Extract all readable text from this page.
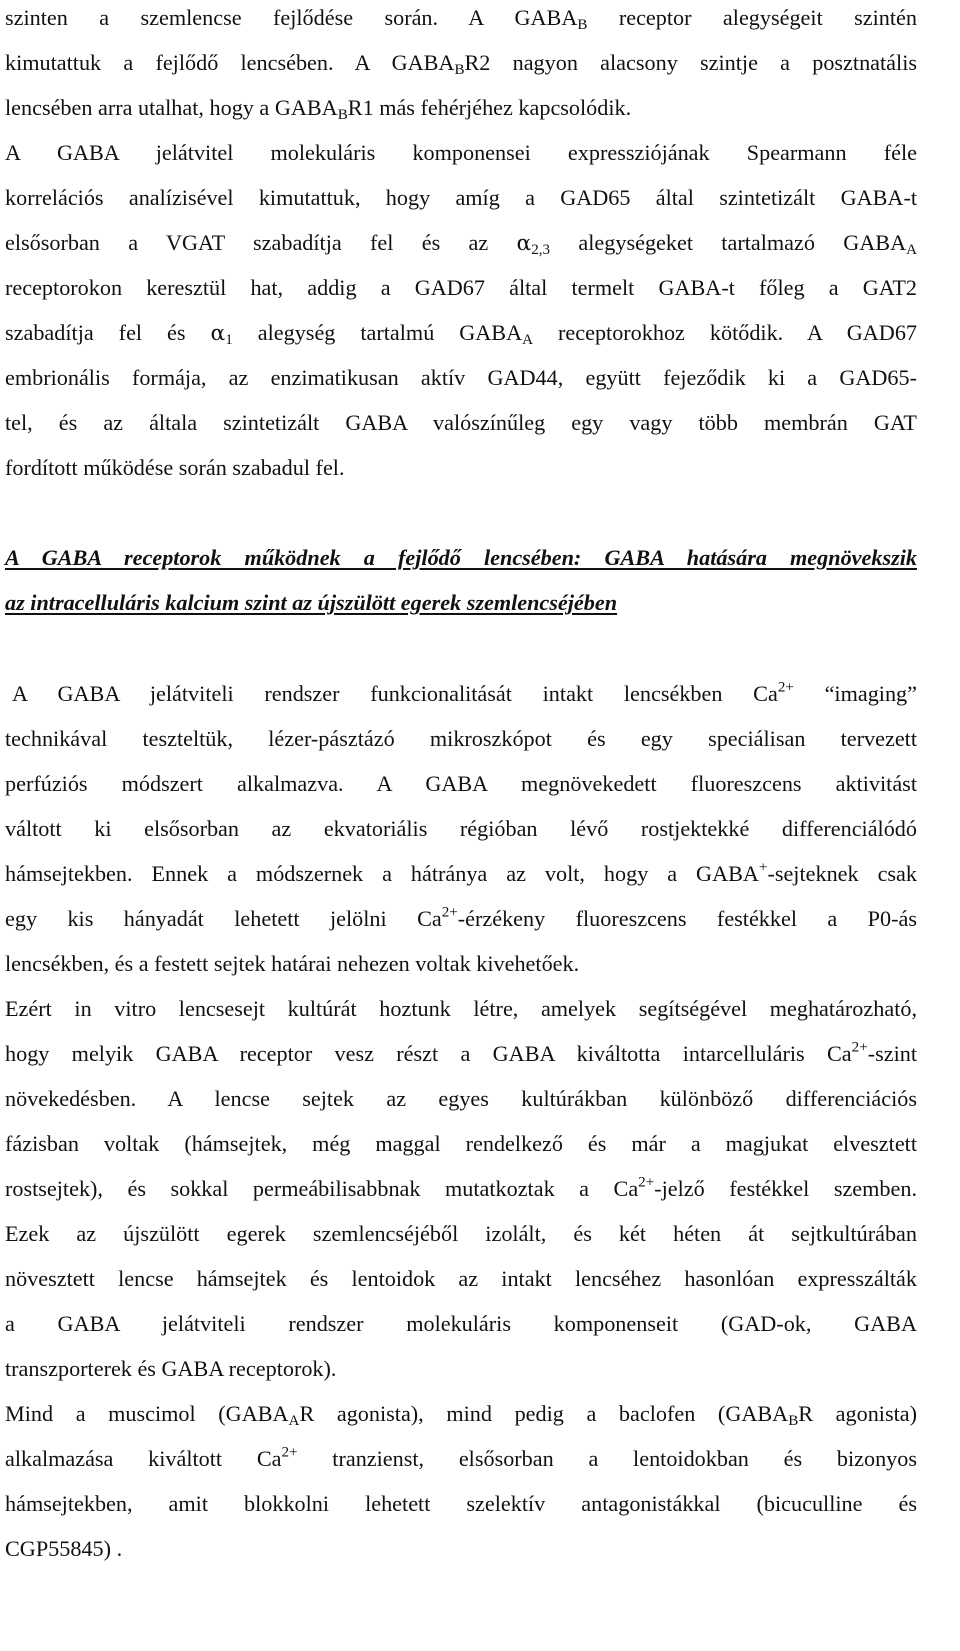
szinten a szemlencse fejlődése során. A $GABA_B$ receptor alegységeit szintén
kimutattuk a fejlődő lencsében. A $GABA_BR2$ nagyon alacsony szintje a posztnatális
lencsében arra utalhat, hogy a $GABA_BR1$ más fehérjéhez kapcsolódik.
A GABA jelátvitel molekuláris komponensei expressziójának Spearmann féle
korrelációs analízisével kimutattuk, hogy amíg a GAD65 által szintetizált GABA-t
elsősorban a VGAT szabadítja fel és az $\alpha_{2,3}$ alegységeket tartalmazó $GABA_A$
receptorokon keresztül hat, addig a GAD67 által termelt GABA-t főleg a GAT2
szabadítja fel és $\alpha_1$ alegység tartalmú $GABA_A$ receptorokhoz kötődik. A GAD67
embrionális formája, az enzimatikusan aktív GAD44, együtt fejeződik ki a GAD65-
tel, és az általa szintetizált GABA valószínűleg egy vagy több membrán GAT
fordított működése során szabadul fel.
A GABA receptorok működnek a fejlődő lencsében: GABA hatására megnövekszik
az intracelluláris kalcium szint az újszülött egerek szemlencséjében
A GABA jelátviteli rendszer funkcionalitását intakt lencsékben $Ca^{2+}$ “imaging”
technikával teszteltük, lézer-pásztázó mikroszkópot és egy speciálisan tervezett
perfúziós módszert alkalmazva. A GABA megnövekedett fluoreszcens aktivitást
váltott ki elsősorban az ekvatoriális régióban lévő rostjektekké differenciálódó
hámsejtekben. Ennek a módszernek a hátránya az volt, hogy a GABA+-sejteknek csak
egy kis hányadát lehetett jelölni $Ca^{2+}$-érzékeny fluoreszcens festékkel a P0-ás
lencsékben, és a festett sejtek határai nehezen voltak kivehetőek.
Ezért in vitro lencsesejt kultúrát hoztunk létre, amelyek segítségével meghatározható,
hogy melyik GABA receptor vesz részt a GABA kiváltotta intarcelluláris $Ca^{2+}$-szint
növekedésben. A lencse sejtek az egyes kultúrákban különböző differenciációs
fázisban voltak (hámsejtek, még maggal rendelkező és már a magjukat elvesztett
rostsejtek), és sokkal permeábilisabbnak mutatkoztak a $Ca^{2+}$-jelző festékkel szemben.
Ezek az újszülött egerek szemlencséjéből izolált, és két héten át sejtkultúrában
növesztett lencse hámsejtek és lentoidok az intakt lencséhez hasonlóan expresszálták
a GABA jelátviteli rendszer molekuláris komponenseit (GAD-ok, GABA
transzporterek és GABA receptorok).
Mind a muscimol ($GABA_AR$ agonista), mind pedig a baclofen ($GABA_BR$ agonista)
alkalmazása kiváltott $Ca^{2+}$ tranzienst, elsősorban a lentoidokban és bizonyos
hámsejtekben, amit blokkolni lehetett szelektív antagonistákkal (bicuculline és
CGP55845) .
